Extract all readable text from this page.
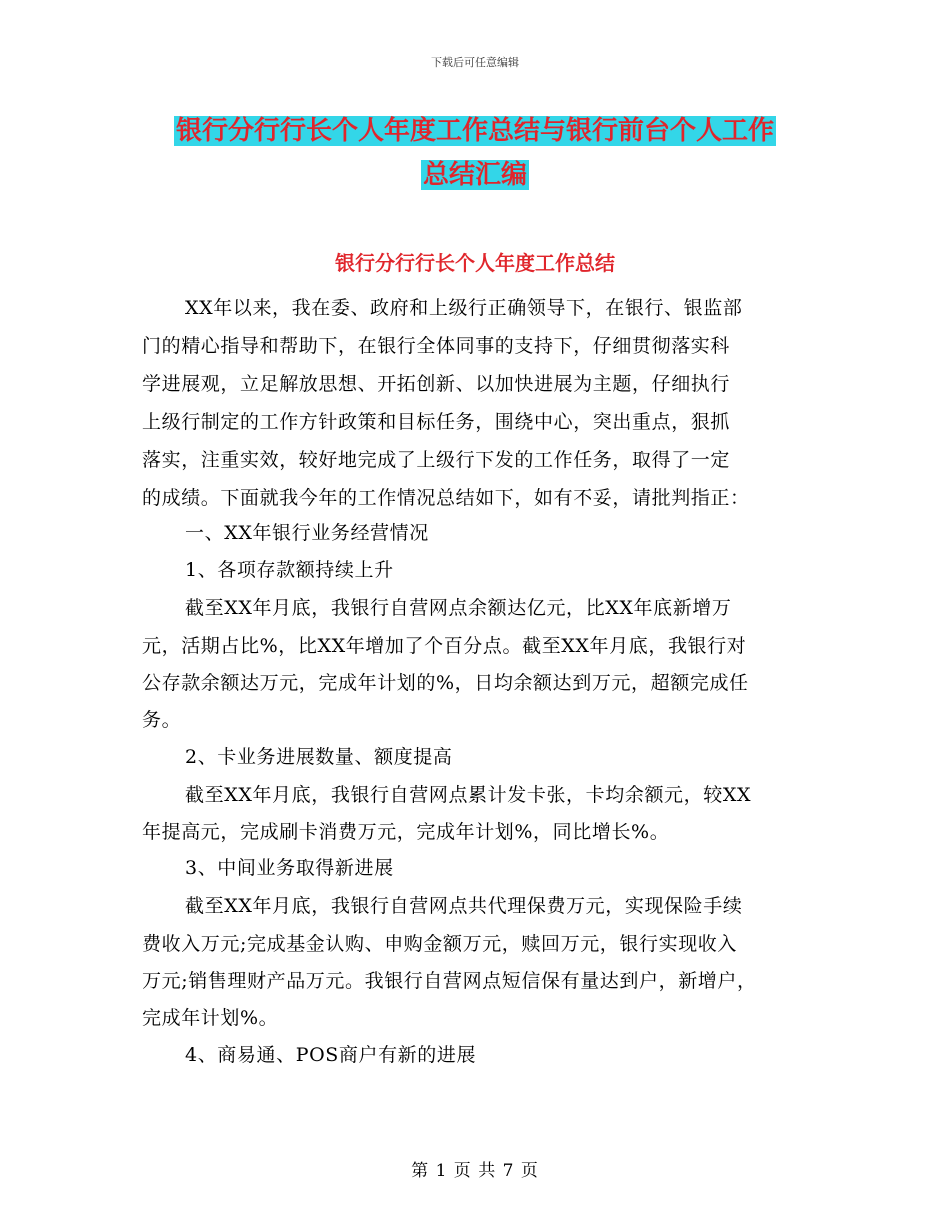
下载后可任意编辑
银行分行行长个人年度工作总结与银行前台个人工作
总结汇编
银行分行行长个人年度工作总结
XX年以来，我在委、政府和上级行正确领导下，在银行、银监部
门的精心指导和帮助下，在银行全体同事的支持下，仔细贯彻落实科
学进展观，立足解放思想、开拓创新、以加快进展为主题，仔细执行
上级行制定的工作方针政策和目标任务，围绕中心，突出重点，狠抓
落实，注重实效，较好地完成了上级行下发的工作任务，取得了一定
的成绩。下面就我今年的工作情况总结如下，如有不妥，请批判指正：
一、XX年银行业务经营情况
1、各项存款额持续上升
截至XX年月底，我银行自营网点余额达亿元，比XX年底新增万
元，活期占比%，比XX年增加了个百分点。截至XX年月底，我银行对
公存款余额达万元，完成年计划的%，日均余额达到万元，超额完成任
务。
2、卡业务进展数量、额度提高
截至XX年月底，我银行自营网点累计发卡张，卡均余额元，较XX
年提高元，完成刷卡消费万元，完成年计划%，同比增长%。
3、中间业务取得新进展
截至XX年月底，我银行自营网点共代理保费万元，实现保险手续
费收入万元;完成基金认购、申购金额万元，赎回万元，银行实现收入
万元;销售理财产品万元。我银行自营网点短信保有量达到户，新增户，
完成年计划%。
4、商易通、POS商户有新的进展
第 1 页 共 7 页
